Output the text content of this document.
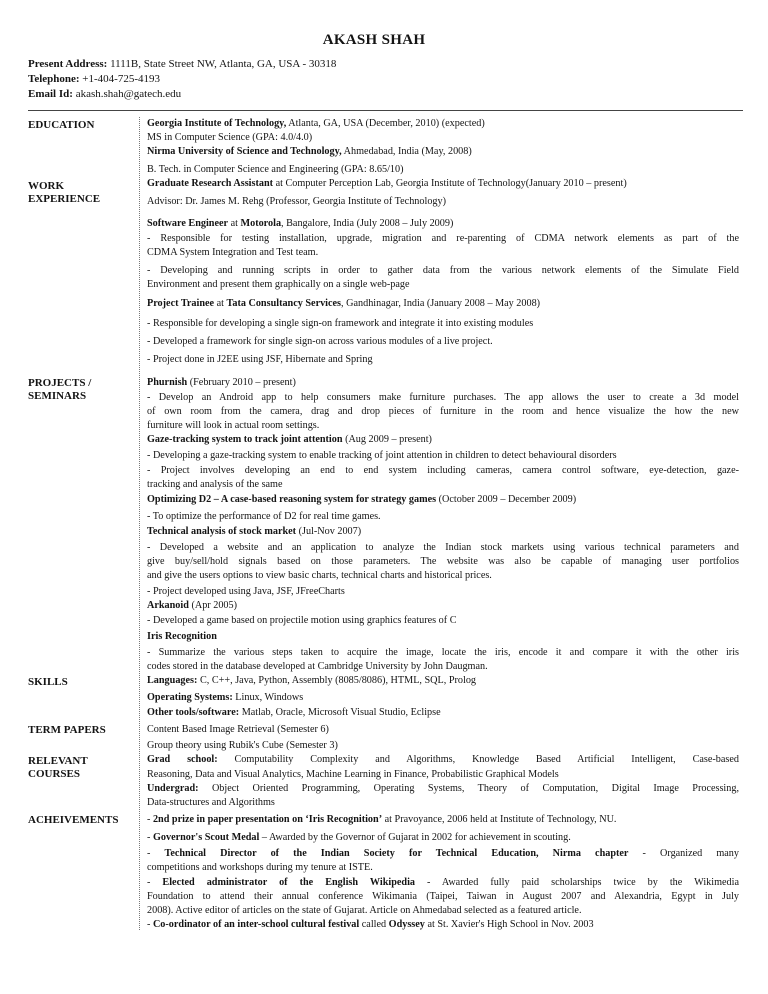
AKASH SHAH
Present Address: 1111B, State Street NW, Atlanta, GA, USA - 30318
Telephone: +1-404-725-4193
Email Id: akash.shah@gatech.edu
EDUCATION
WORK EXPERIENCE
PROJECTS / SEMINARS
SKILLS
TERM PAPERS
RELEVANT COURSES
ACHEIVEMENTS
Georgia Institute of Technology, Atlanta, GA, USA (December, 2010) (expected)
MS in Computer Science (GPA: 4.0/4.0)
Nirma University of Science and Technology, Ahmedabad, India (May, 2008)
B. Tech. in Computer Science and Engineering (GPA: 8.65/10)
Graduate Research Assistant at Computer Perception Lab, Georgia Institute of Technology(January 2010 – present)
Advisor: Dr. James M. Rehg (Professor, Georgia Institute of Technology)
Software Engineer at Motorola, Bangalore, India (July 2008 – July 2009)
- Responsible for testing installation, upgrade, migration and re-parenting of CDMA network elements as part of the
CDMA System Integration and Test team.
- Developing and running scripts in order to gather data from the various network elements of the Simulate Field
Environment and present them graphically on a single web-page
Project Trainee at Tata Consultancy Services, Gandhinagar, India (January 2008 – May 2008)
- Responsible for developing a single sign-on framework and integrate it into existing modules
- Developed a framework for single sign-on across various modules of a live project.
- Project done in J2EE using JSF, Hibernate and Spring
Phurnish (February 2010 – present)
- Develop an Android app to help consumers make furniture purchases. The app allows the user to create a 3d model
of own room from the camera, drag and drop pieces of furniture in the room and hence visualize the how the new
furniture will look in actual room settings.
Gaze-tracking system to track joint attention (Aug 2009 – present)
- Developing a gaze-tracking system to enable tracking of joint attention in children to detect behavioural disorders
- Project involves developing an end to end system including cameras, camera control software, eye-detection, gaze-
tracking and analysis of the same
Optimizing D2 – A case-based reasoning system for strategy games (October 2009 – December 2009)
- To optimize the performance of D2 for real time games.
Technical analysis of stock market (Jul-Nov 2007)
- Developed a website and an application to analyze the Indian stock markets using various technical parameters and
give buy/sell/hold signals based on those parameters. The website was also be capable of managing user portfolios
and give the users options to view basic charts, technical charts and historical prices.
- Project developed using Java, JSF, JFreeCharts
Arkanoid (Apr 2005)
- Developed a game based on projectile motion using graphics features of C
Iris Recognition
- Summarize the various steps taken to acquire the image, locate the iris, encode it and compare it with the other iris
codes stored in the database developed at Cambridge University by John Daugman.
Languages: C, C++, Java, Python, Assembly (8085/8086), HTML, SQL, Prolog
Operating Systems: Linux, Windows
Other tools/software: Matlab, Oracle, Microsoft Visual Studio, Eclipse
Content Based Image Retrieval (Semester 6)
Group theory using Rubik's Cube (Semester 3)
Grad school: Computability Complexity and Algorithms, Knowledge Based Artificial Intelligent, Case-based
Reasoning, Data and Visual Analytics, Machine Learning in Finance, Probabilistic Graphical Models
Undergrad: Object Oriented Programming, Operating Systems, Theory of Computation, Digital Image Processing,
Data-structures and Algorithms
- 2nd prize in paper presentation on ‘Iris Recognition’ at Pravoyance, 2006 held at Institute of Technology, NU.
- Governor's Scout Medal – Awarded by the Governor of Gujarat in 2002 for achievement in scouting.
- Technical Director of the Indian Society for Technical Education, Nirma chapter - Organized many
competitions and workshops during my tenure at ISTE.
- Elected administrator of the English Wikipedia - Awarded fully paid scholarships twice by the Wikimedia
Foundation to attend their annual conference Wikimania (Taipei, Taiwan in August 2007 and Alexandria, Egypt in July
2008). Active editor of articles on the state of Gujarat. Article on Ahmedabad selected as a featured article.
- Co-ordinator of an inter-school cultural festival called Odyssey at St. Xavier's High School in Nov. 2003
